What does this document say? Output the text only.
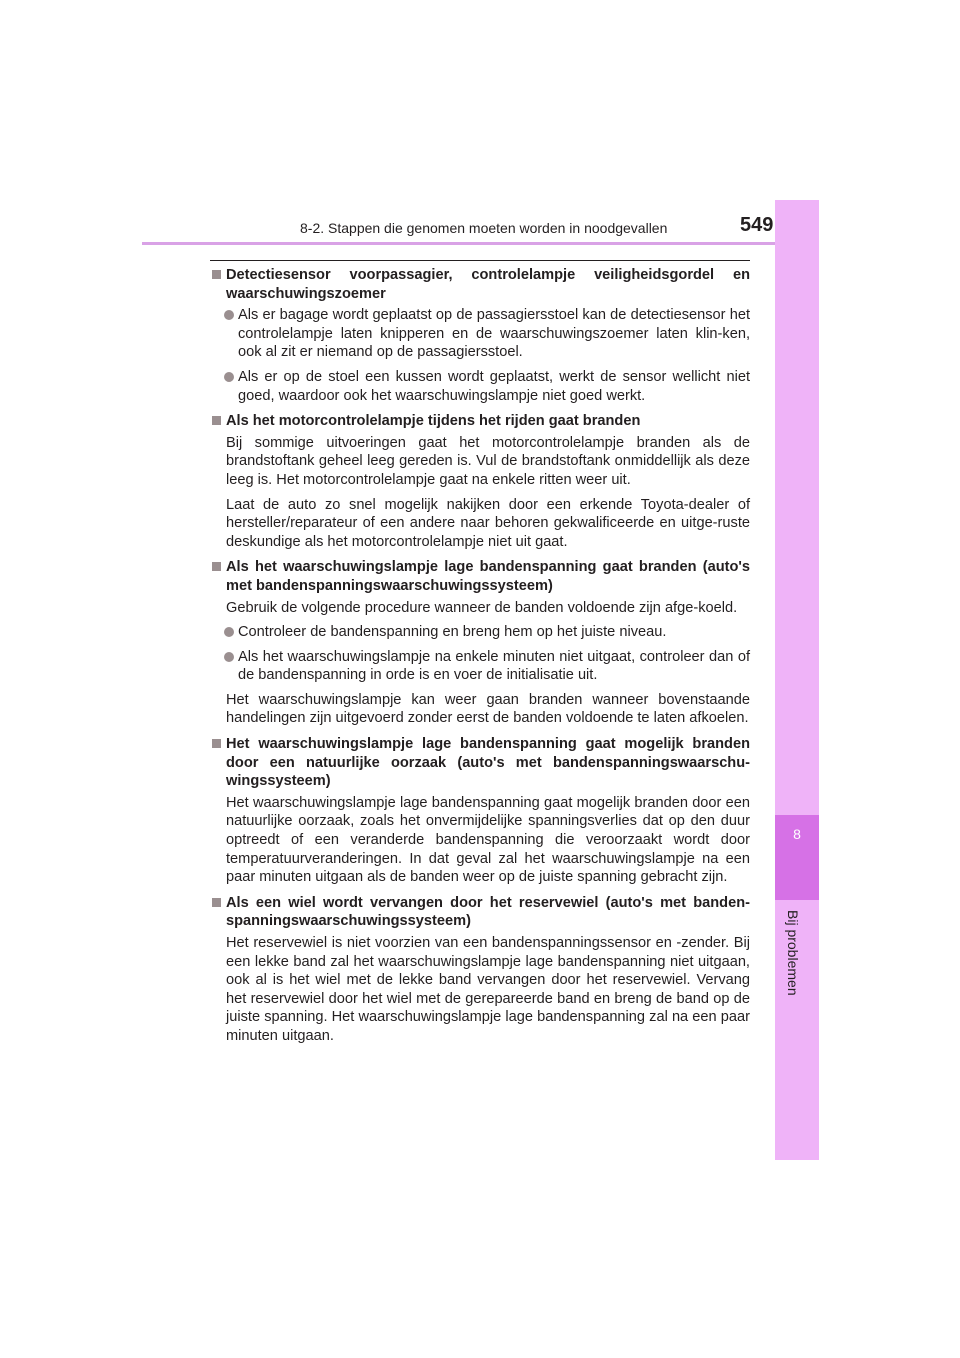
8-2. Stappen die genomen moeten worden in noodgevallen	549
8
Bij problemen
Detectiesensor voorpassagier, controlelampje veiligheidsgordel en waarschuwingszoemer
Als er bagage wordt geplaatst op de passagiersstoel kan de detectiesensor het controlelampje laten knipperen en de waarschuwingszoemer laten klin-ken, ook al zit er niemand op de passagiersstoel.
Als er op de stoel een kussen wordt geplaatst, werkt de sensor wellicht niet goed, waardoor ook het waarschuwingslampje niet goed werkt.
Als het motorcontrolelampje tijdens het rijden gaat branden
Bij sommige uitvoeringen gaat het motorcontrolelampje branden als de brandstoftank geheel leeg gereden is. Vul de brandstoftank onmiddellijk als deze leeg is. Het motorcontrolelampje gaat na enkele ritten weer uit.
Laat de auto zo snel mogelijk nakijken door een erkende Toyota-dealer of hersteller/reparateur of een andere naar behoren gekwalificeerde en uitge-ruste deskundige als het motorcontrolelampje niet uit gaat.
Als het waarschuwingslampje lage bandenspanning gaat branden (auto's met bandenspanningswaarschuwingssysteem)
Gebruik de volgende procedure wanneer de banden voldoende zijn afge-koeld.
Controleer de bandenspanning en breng hem op het juiste niveau.
Als het waarschuwingslampje na enkele minuten niet uitgaat, controleer dan of de bandenspanning in orde is en voer de initialisatie uit.
Het waarschuwingslampje kan weer gaan branden wanneer bovenstaande handelingen zijn uitgevoerd zonder eerst de banden voldoende te laten afkoelen.
Het waarschuwingslampje lage bandenspanning gaat mogelijk branden door een natuurlijke oorzaak (auto's met bandenspanningswaarschu-wingssysteem)
Het waarschuwingslampje lage bandenspanning gaat mogelijk branden door een natuurlijke oorzaak, zoals het onvermijdelijke spanningsverlies dat op den duur optreedt of een veranderde bandenspanning die veroorzaakt wordt door temperatuurveranderingen. In dat geval zal het waarschuwingslampje na een paar minuten uitgaan als de banden weer op de juiste spanning gebracht zijn.
Als een wiel wordt vervangen door het reservewiel (auto's met banden-spanningswaarschuwingssysteem)
Het reservewiel is niet voorzien van een bandenspanningssensor en -zender. Bij een lekke band zal het waarschuwingslampje lage bandenspanning niet uitgaan, ook al is het wiel met de lekke band vervangen door het reservewiel. Vervang het reservewiel door het wiel met de gerepareerde band en breng de band op de juiste spanning. Het waarschuwingslampje lage bandenspanning zal na een paar minuten uitgaan.
